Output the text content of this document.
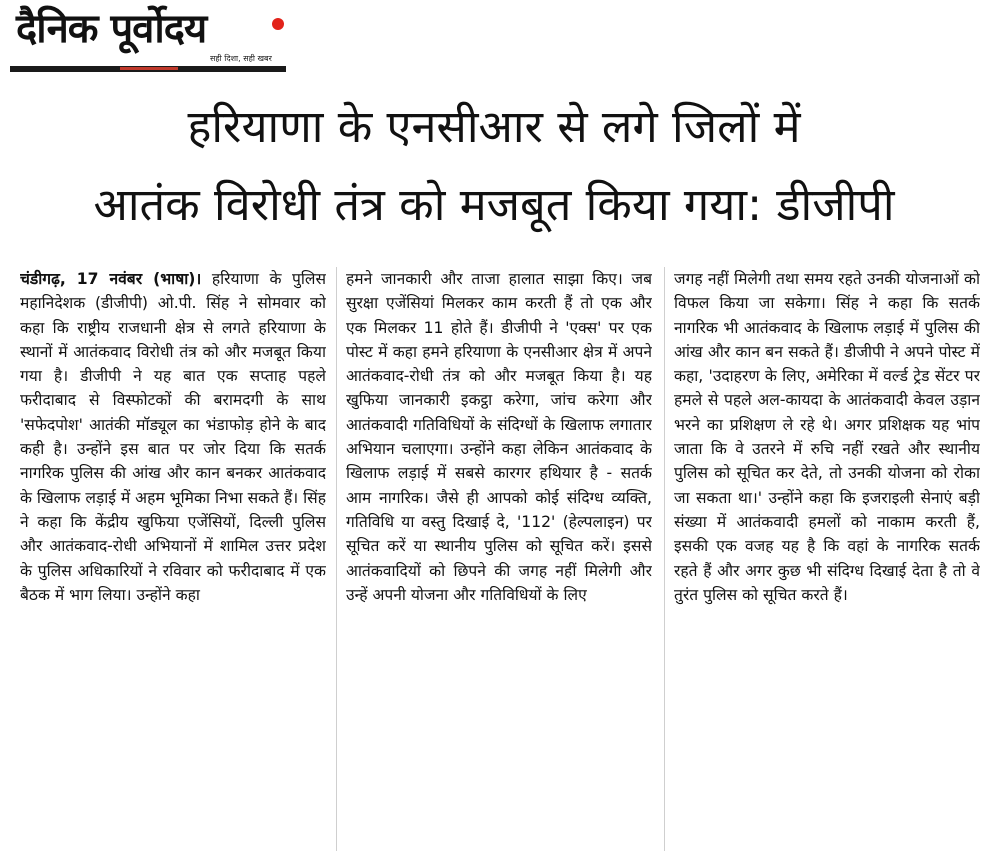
दैनिक पूर्वोदय
सही दिशा, सही खबर
हरियाणा के एनसीआर से लगे जिलों में
आतंक विरोधी तंत्र को मजबूत किया गया: डीजीपी

चंडीगढ़, 17 नवंबर (भाषा)। हरियाणा के पुलिस महानिदेशक (डीजीपी) ओ.पी. सिंह ने सोमवार को कहा कि राष्ट्रीय राजधानी क्षेत्र से लगते हरियाणा के स्थानों में आतंकवाद विरोधी तंत्र को और मजबूत किया गया है। डीजीपी ने यह बात एक सप्ताह पहले फरीदाबाद से विस्फोटकों की बरामदगी के साथ 'सफेदपोश' आतंकी मॉड्यूल का भंडाफोड़ होने के बाद कही है। उन्होंने इस बात पर जोर दिया कि सतर्क नागरिक पुलिस की आंख और कान बनकर आतंकवाद के खिलाफ लड़ाई में अहम भूमिका निभा सकते हैं। सिंह ने कहा कि केंद्रीय खुफिया एजेंसियों, दिल्ली पुलिस और आतंकवाद-रोधी अभियानों में शामिल उत्तर प्रदेश के पुलिस अधिकारियों ने रविवार को फरीदाबाद में एक बैठक में भाग लिया। उन्होंने कहा

हमने जानकारी और ताजा हालात साझा किए। जब सुरक्षा एजेंसियां मिलकर काम करती हैं तो एक और एक मिलकर 11 होते हैं। डीजीपी ने 'एक्स' पर एक पोस्ट में कहा हमने हरियाणा के एनसीआर क्षेत्र में अपने आतंकवाद-रोधी तंत्र को और मजबूत किया है। यह खुफिया जानकारी इकट्ठा करेगा, जांच करेगा और आतंकवादी गतिविधियों के संदिग्धों के खिलाफ लगातार अभियान चलाएगा। उन्होंने कहा लेकिन आतंकवाद के खिलाफ लड़ाई में सबसे कारगर हथियार है - सतर्क आम नागरिक। जैसे ही आपको कोई संदिग्ध व्यक्ति, गतिविधि या वस्तु दिखाई दे, '112' (हेल्पलाइन) पर सूचित करें या स्थानीय पुलिस को सूचित करें। इससे आतंकवादियों को छिपने की जगह नहीं मिलेगी और उन्हें अपनी योजना और गतिविधियों के लिए

जगह नहीं मिलेगी तथा समय रहते उनकी योजनाओं को विफल किया जा सकेगा। सिंह ने कहा कि सतर्क नागरिक भी आतंकवाद के खिलाफ लड़ाई में पुलिस की आंख और कान बन सकते हैं। डीजीपी ने अपने पोस्ट में कहा, 'उदाहरण के लिए, अमेरिका में वर्ल्ड ट्रेड सेंटर पर हमले से पहले अल-कायदा के आतंकवादी केवल उड़ान भरने का प्रशिक्षण ले रहे थे। अगर प्रशिक्षक यह भांप जाता कि वे उतरने में रुचि नहीं रखते और स्थानीय पुलिस को सूचित कर देते, तो उनकी योजना को रोका जा सकता था।' उन्होंने कहा कि इजराइली सेनाएं बड़ी संख्या में आतंकवादी हमलों को नाकाम करती हैं, इसकी एक वजह यह है कि वहां के नागरिक सतर्क रहते हैं और अगर कुछ भी संदिग्ध दिखाई देता है तो वे तुरंत पुलिस को सूचित करते हैं।
